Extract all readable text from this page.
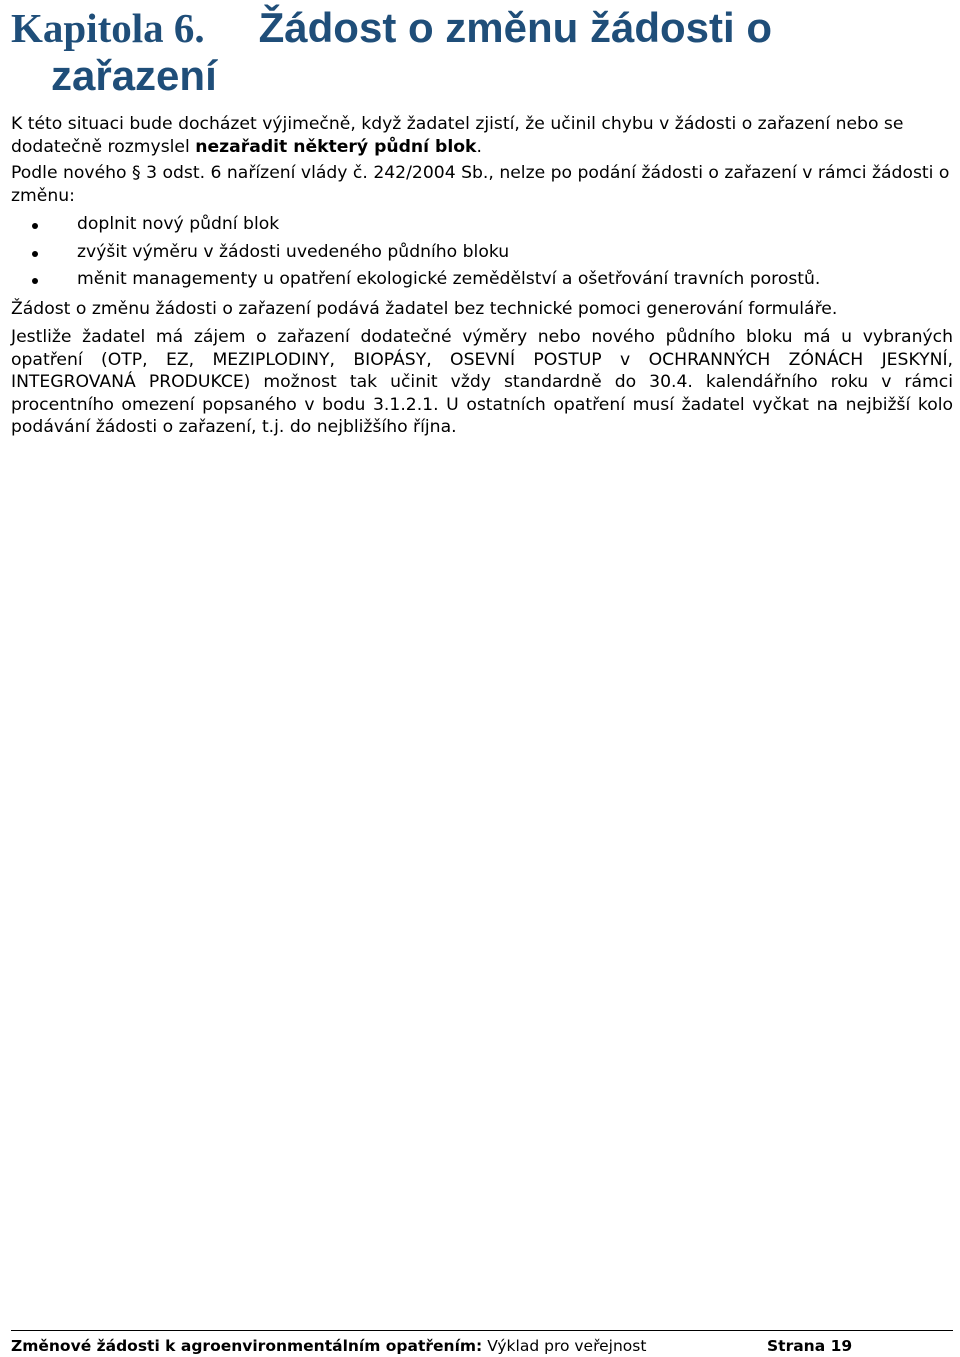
Kapitola 6. Žádost o změnu žádosti o
zařazení

K této situaci bude docházet výjimečně, když žadatel zjistí, že učinil chybu v žádosti o zařazení nebo se dodatečně rozmyslel nezařadit některý půdní blok.

Podle nového § 3 odst. 6 nařízení vlády č. 242/2004 Sb., nelze po podání žádosti o zařazení v rámci žádosti o změnu:

doplnit nový půdní blok
zvýšit výměru v žádosti uvedeného půdního bloku
měnit managementy u opatření ekologické zemědělství a ošetřování travních porostů.

Žádost o změnu žádosti o zařazení podává žadatel bez technické pomoci generování formuláře.

Jestliže žadatel má zájem o zařazení dodatečné výměry nebo nového půdního bloku má u vybraných opatření (OTP, EZ, MEZIPLODINY, BIOPÁSY, OSEVNÍ POSTUP v OCHRANNÝCH ZÓNÁCH JESKYNÍ, INTEGROVANÁ PRODUKCE) možnost tak učinit vždy standardně do 30.4. kalendářního roku v rámci procentního omezení popsaného v bodu 3.1.2.1. U ostatních opatření musí žadatel vyčkat na nejbižší kolo podávání žádosti o zařazení, t.j. do nejbližšího října.

Změnové žádosti k agroenvironmentálním opatřením: Výklad pro veřejnost	Strana 19
